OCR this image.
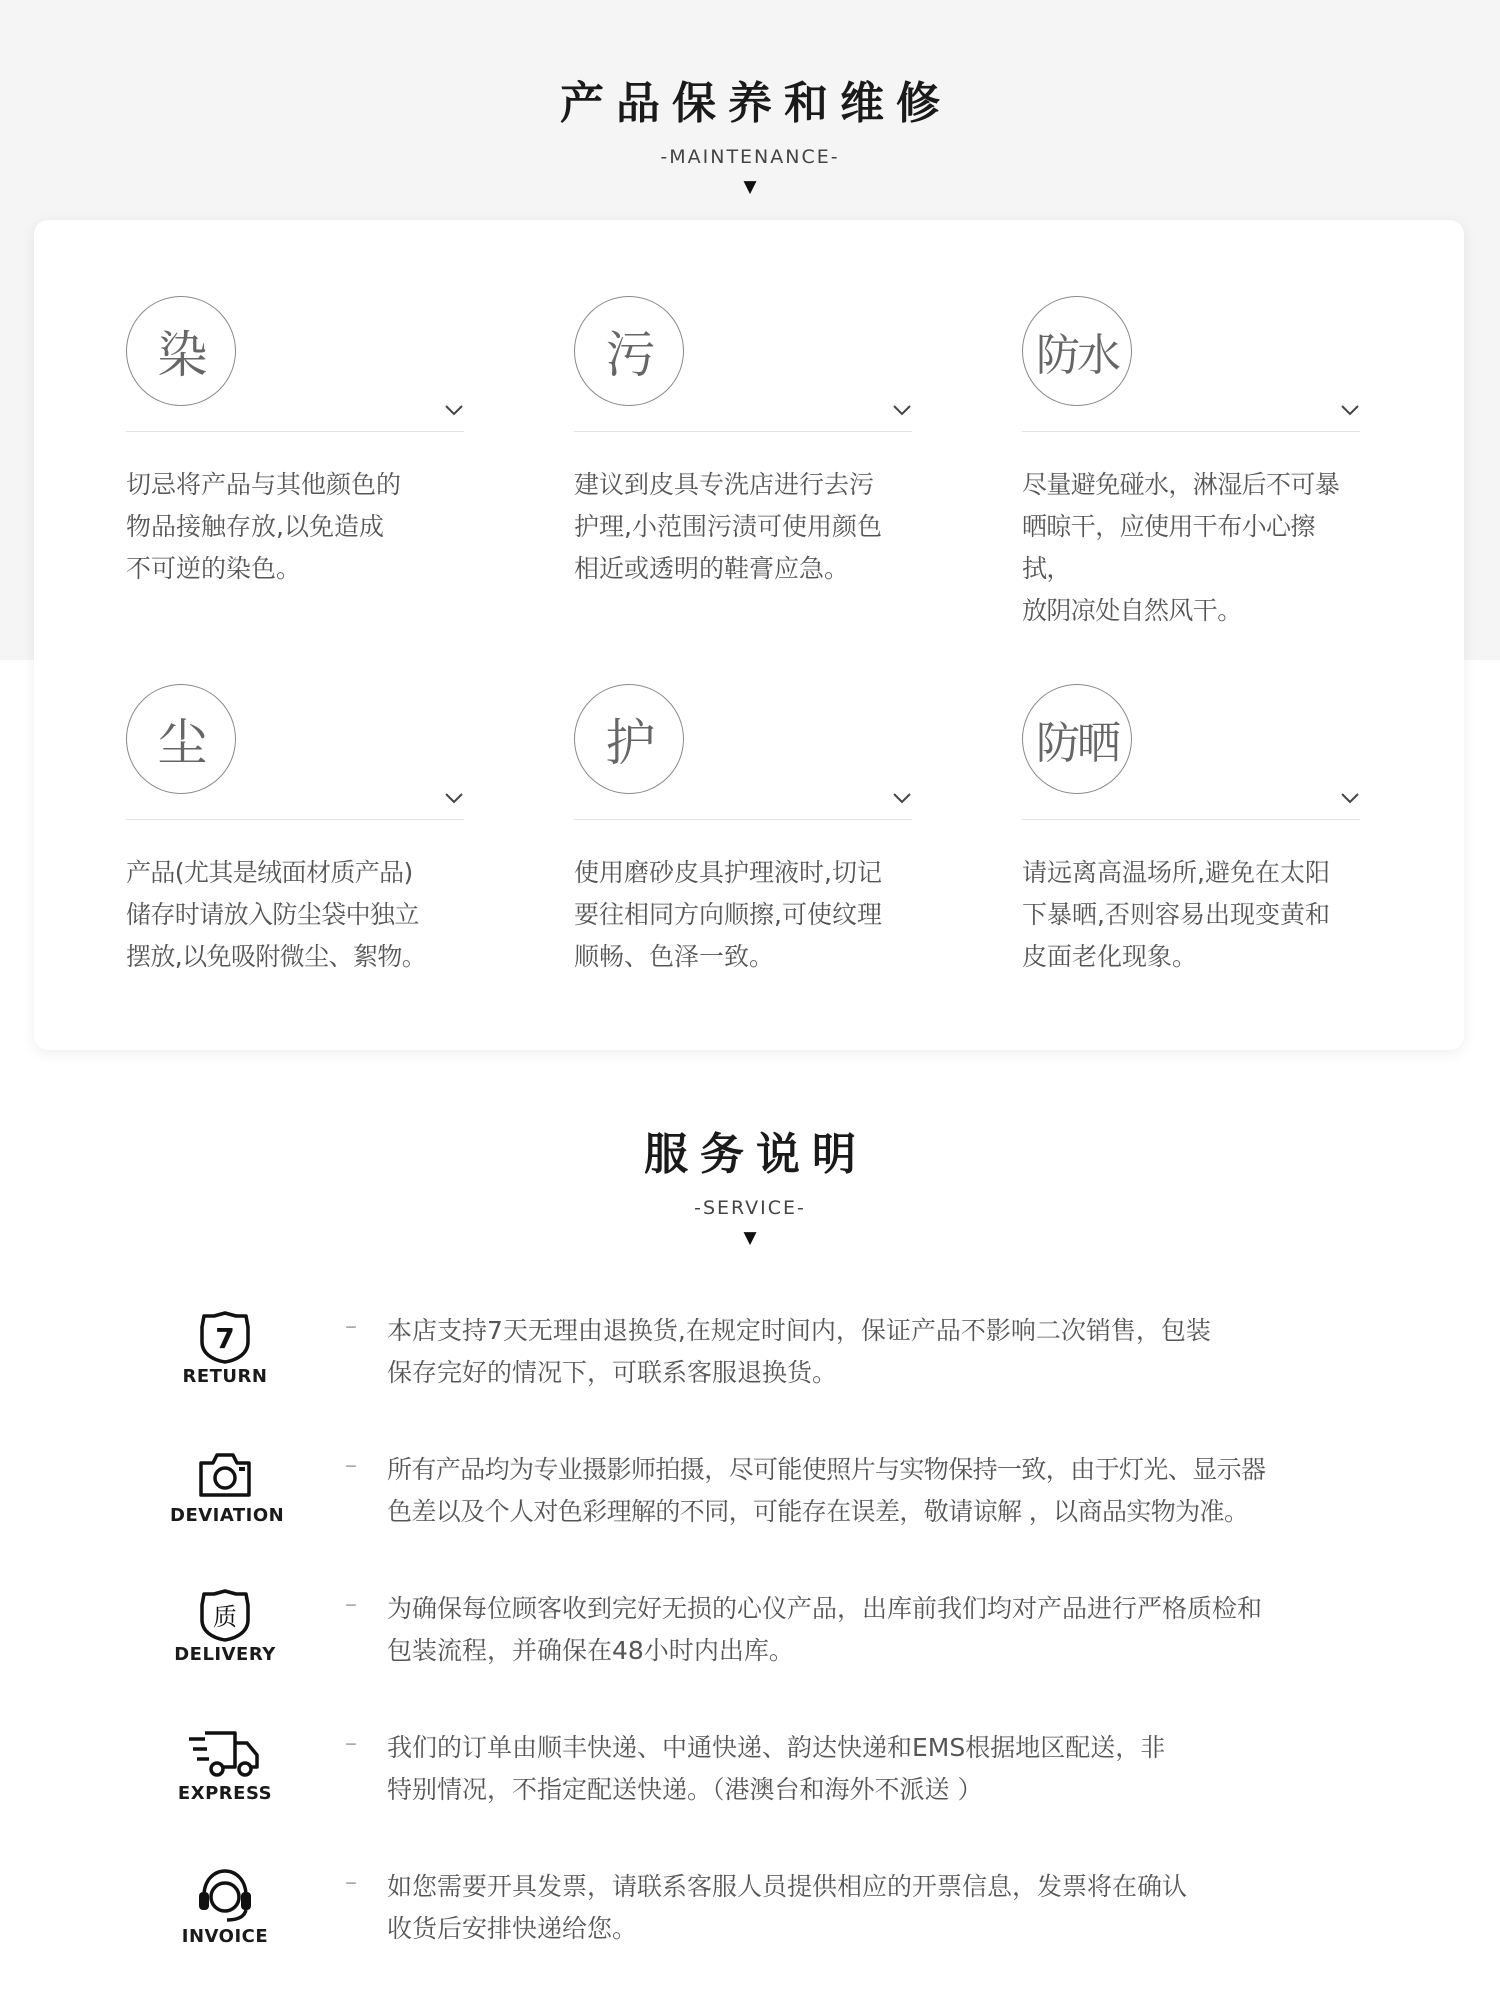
产品保养和维修
-MAINTENANCE-
▼
染
切忌将产品与其他颜色的
物品接触存放,以免造成
不可逆的染色。
污
建议到皮具专洗店进行去污
护理,小范围污渍可使用颜色
相近或透明的鞋膏应急。
防水
尽量避免碰水，淋湿后不可暴
晒晾干，应使用干布小心擦拭，
放阴凉处自然风干。
尘
产品(尤其是绒面材质产品)
储存时请放入防尘袋中独立
摆放,以免吸附微尘、絮物。
护
使用磨砂皮具护理液时,切记
要往相同方向顺擦,可使纹理
顺畅、色泽一致。
防晒
请远离高温场所,避免在太阳
下暴晒,否则容易出现变黄和
皮面老化现象。
服务说明
-SERVICE-
▼
7
RETURN
– 本店支持7天无理由退换货,在规定时间内，保证产品不影响二次销售，包装
保存完好的情况下，可联系客服退换货。
DEVIATION
– 所有产品均为专业摄影师拍摄，尽可能使照片与实物保持一致，由于灯光、显示器
色差以及个人对色彩理解的不同，可能存在误差，敬请谅解 ，以商品实物为准。
质
DELIVERY
– 为确保每位顾客收到完好无损的心仪产品，出库前我们均对产品进行严格质检和
包装流程，并确保在48小时内出库。
EXPRESS
– 我们的订单由顺丰快递、中通快递、韵达快递和EMS根据地区配送，非
特别情况，不指定配送快递。（港澳台和海外不派送 ）
INVOICE
– 如您需要开具发票，请联系客服人员提供相应的开票信息，发票将在确认
收货后安排快递给您。
